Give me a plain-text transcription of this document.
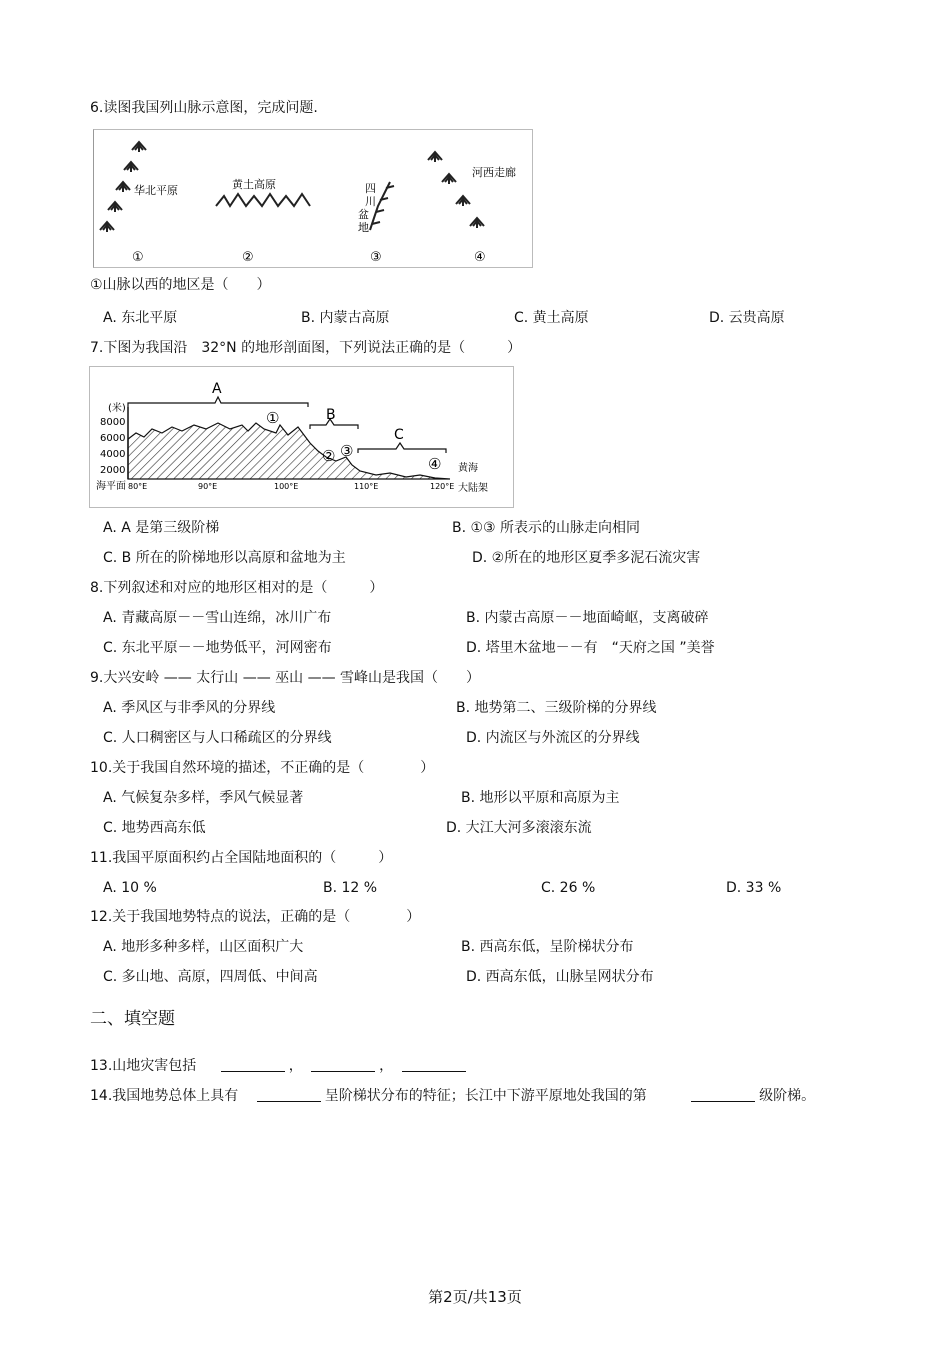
6.读图我国列山脉示意图，完成问题.
华北平原	黄土高原	四川盆地
河西走廊
①	②	③	④
①山脉以西的地区是（　　）
A. 东北平原	B. 内蒙古高原	C. 黄土高原	D. 云贵高原
7.下图为我国沿　32°N 的地形剖面图，下列说法正确的是（　　　）
(米)
8000
6000
4000
2000
A
B
C
①
② ③
④ 黄海
海平面 80°E	90°E	100°E	110°E	120°E 大陆架
A. A 是第三级阶梯	B. ①③ 所表示的山脉走向相同
C. B 所在的阶梯地形以高原和盆地为主	D. ②所在的地形区夏季多泥石流灾害
8.下列叙述和对应的地形区相对的是（　　　）
A. 青藏高原－－雪山连绵，冰川广布	B. 内蒙古高原－－地面崎岖，支离破碎
C. 东北平原－－地势低平，河网密布	D. 塔里木盆地－－有　“天府之国 ”美誉
9.大兴安岭 —— 太行山 —— 巫山 —— 雪峰山是我国（　　）
A. 季风区与非季风的分界线	B. 地势第二、三级阶梯的分界线
C. 人口稠密区与人口稀疏区的分界线	D. 内流区与外流区的分界线
10.关于我国自然环境的描述，不正确的是（　　　　）
A. 气候复杂多样，季风气候显著	B. 地形以平原和高原为主
C. 地势西高东低	D. 大江大河多滚滚东流
11.我国平原面积约占全国陆地面积的（　　　）
A. 10 %	B. 12 %	C. 26 %	D. 33 %
12.关于我国地势特点的说法，正确的是（　　　　）
A. 地形多种多样，山区面积广大	B. 西高东低，呈阶梯状分布
C. 多山地、高原，四周低、中间高	D. 西高东低，山脉呈网状分布
二、填空题
13.山地灾害包括	，	，
14.我国地势总体上具有	呈阶梯状分布的特征；长江中下游平原地处我国的第	级阶梯。
第2页/共13页
